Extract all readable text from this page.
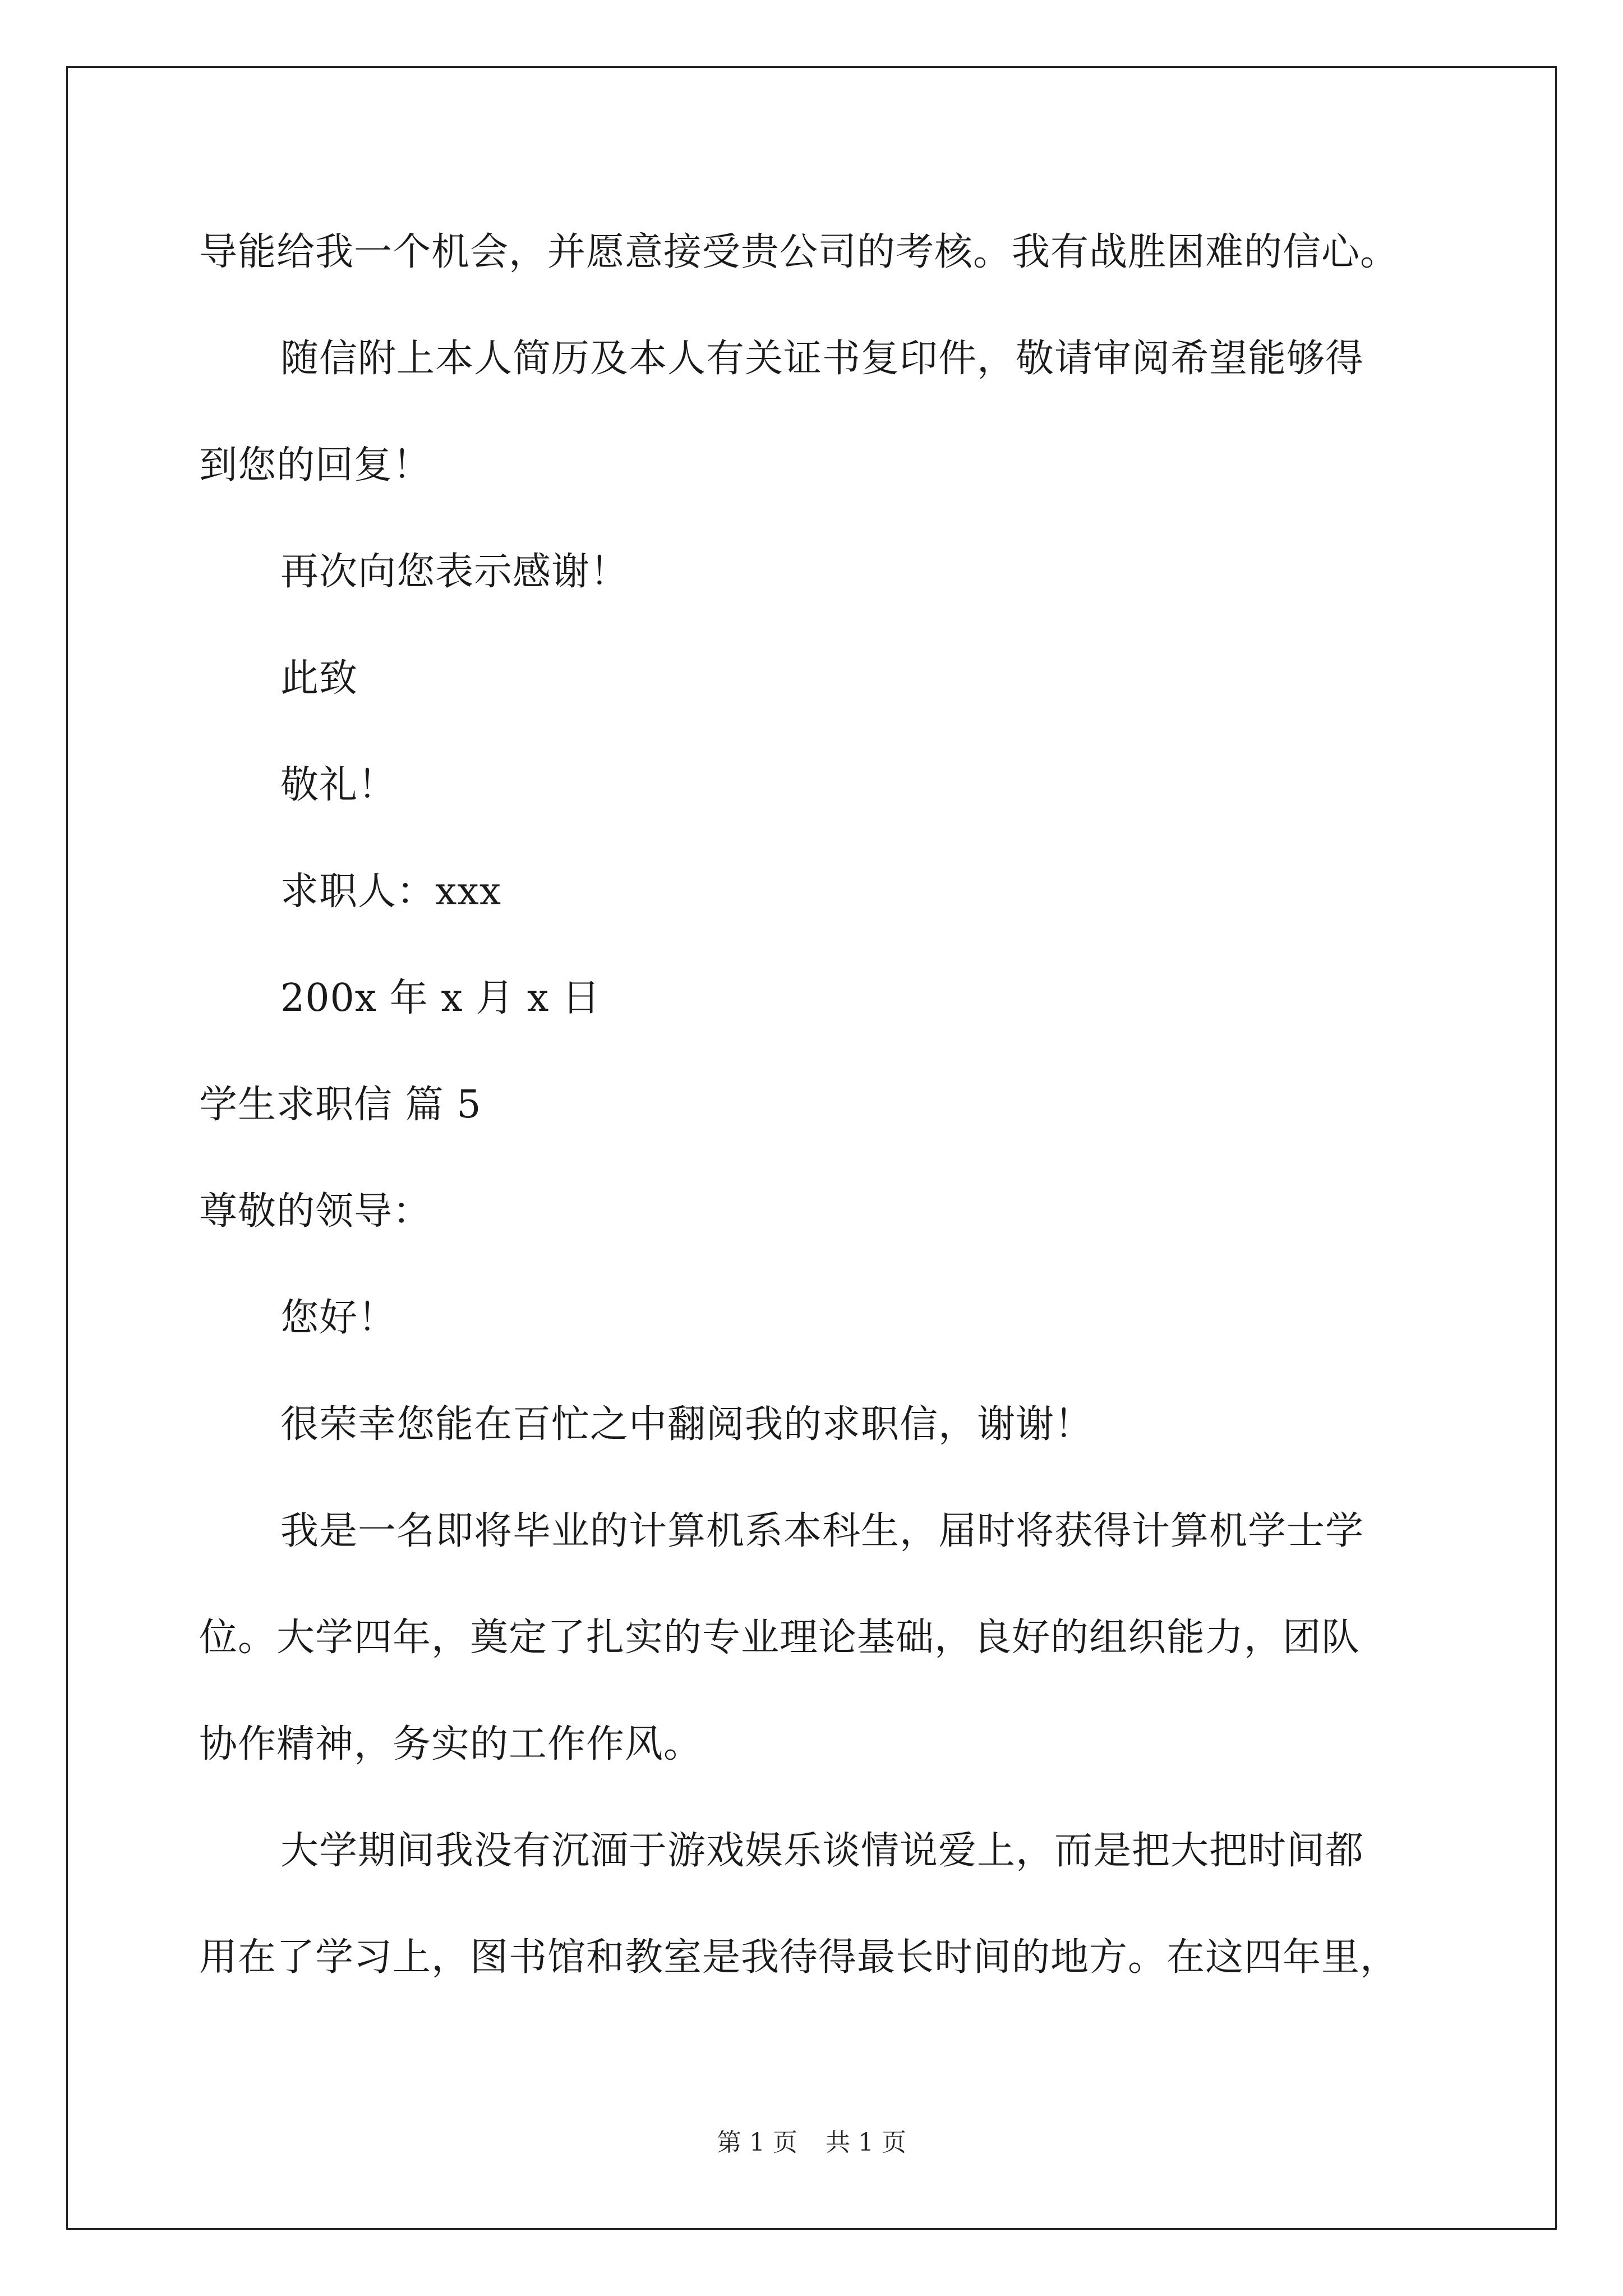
导能给我一个机会，并愿意接受贵公司的考核。我有战胜困难的信心。
随信附上本人简历及本人有关证书复印件，敬请审阅希望能够得
到您的回复！
再次向您表示感谢！
此致
敬礼！
求职人：xxx
200x 年 x 月 x 日
学生求职信 篇 5
尊敬的领导：
您好！
很荣幸您能在百忙之中翻阅我的求职信，谢谢！
我是一名即将毕业的计算机系本科生，届时将获得计算机学士学
位。大学四年，奠定了扎实的专业理论基础，良好的组织能力，团队
协作精神，务实的工作作风。
大学期间我没有沉湎于游戏娱乐谈情说爱上，而是把大把时间都
用在了学习上，图书馆和教室是我待得最长时间的地方。在这四年里，
第 1 页 共 1 页
